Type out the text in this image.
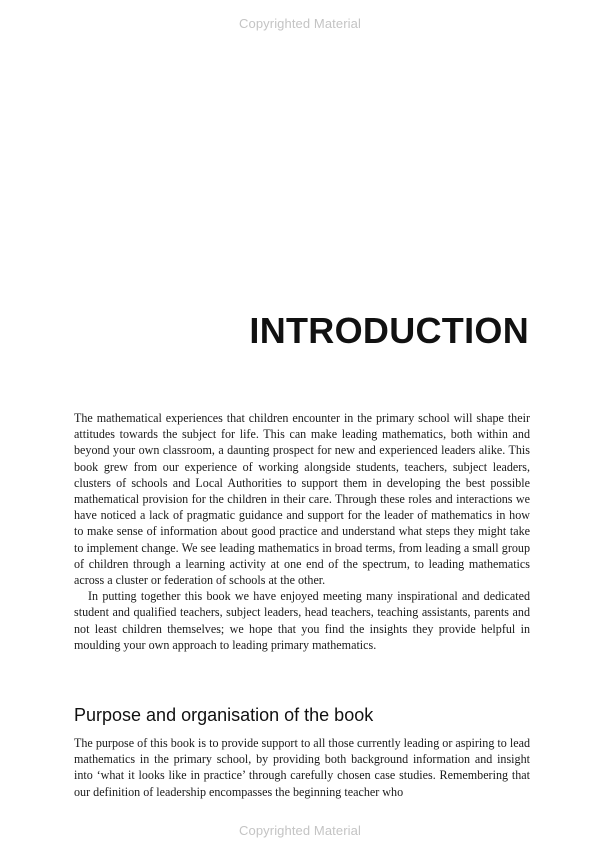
Copyrighted Material
INTRODUCTION

The mathematical experiences that children encounter in the primary school will shape their attitudes towards the subject for life. This can make leading mathematics, both within and beyond your own classroom, a daunting prospect for new and experienced leaders alike. This book grew from our experience of working alongside students, teachers, subject leaders, clusters of schools and Local Authorities to support them in developing the best possible mathematical provision for the children in their care. Through these roles and interactions we have noticed a lack of pragmatic guidance and support for the leader of mathematics in how to make sense of information about good practice and understand what steps they might take to implement change. We see leading mathematics in broad terms, from leading a small group of children through a learning activity at one end of the spectrum, to leading mathematics across a cluster or federation of schools at the other.

In putting together this book we have enjoyed meeting many inspirational and dedicated student and qualified teachers, subject leaders, head teachers, teaching assistants, parents and not least children themselves; we hope that you find the insights they provide helpful in moulding your own approach to leading primary mathematics.

Purpose and organisation of the book

The purpose of this book is to provide support to all those currently leading or aspiring to lead mathematics in the primary school, by providing both background information and insight into ‘what it looks like in practice’ through carefully chosen case studies. Remembering that our definition of leadership encompasses the beginning teacher who

Copyrighted Material
